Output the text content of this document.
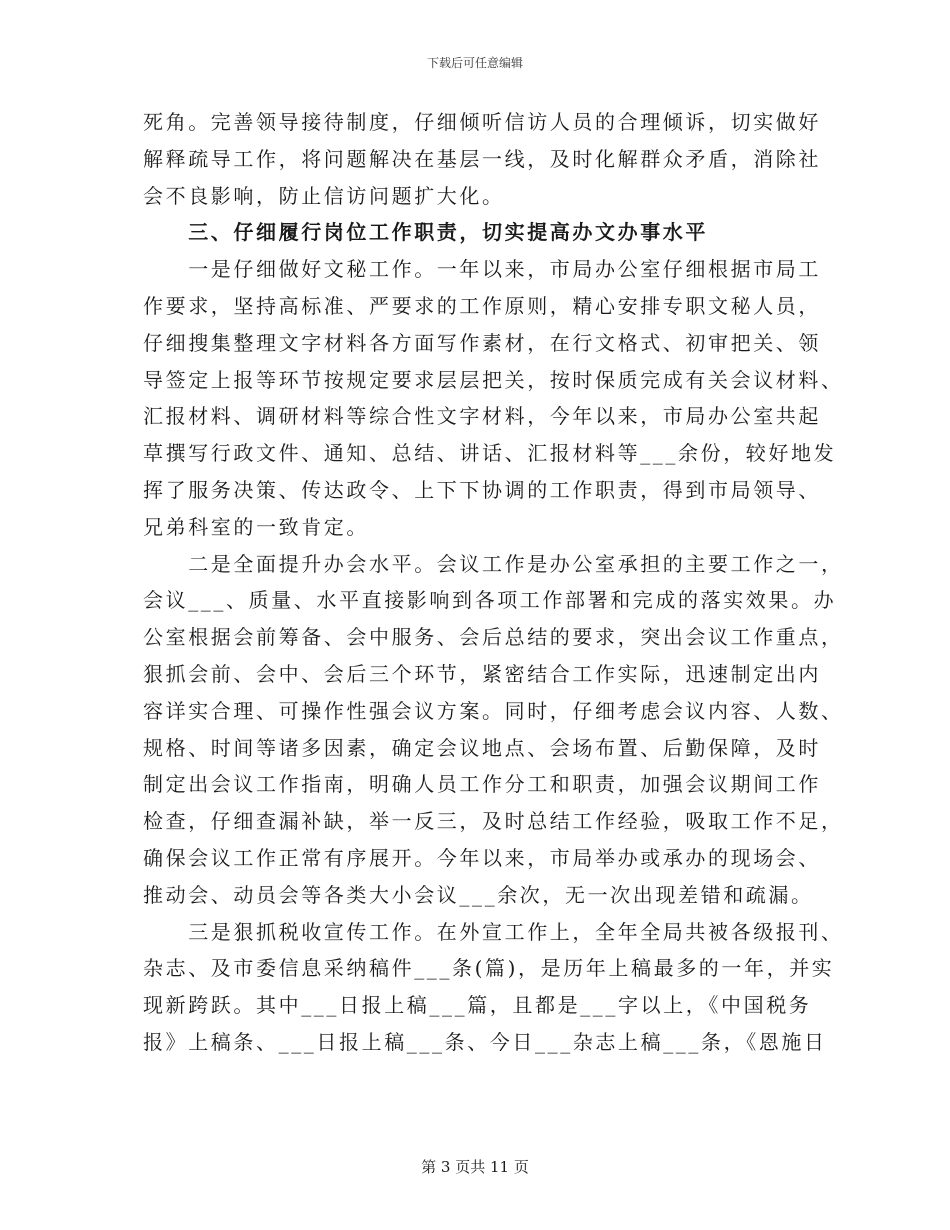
下载后可任意编辑
死角。完善领导接待制度，仔细倾听信访人员的合理倾诉，切实做好
解释疏导工作，将问题解决在基层一线，及时化解群众矛盾，消除社
会不良影响，防止信访问题扩大化。
　　三、仔细履行岗位工作职责，切实提高办文办事水平
　　一是仔细做好文秘工作。一年以来，市局办公室仔细根据市局工
作要求，坚持高标准、严要求的工作原则，精心安排专职文秘人员，
仔细搜集整理文字材料各方面写作素材，在行文格式、初审把关、领
导签定上报等环节按规定要求层层把关，按时保质完成有关会议材料、
汇报材料、调研材料等综合性文字材料，今年以来，市局办公室共起
草撰写行政文件、通知、总结、讲话、汇报材料等___余份，较好地发
挥了服务决策、传达政令、上下下协调的工作职责，得到市局领导、
兄弟科室的一致肯定。
　　二是全面提升办会水平。会议工作是办公室承担的主要工作之一，
会议___、质量、水平直接影响到各项工作部署和完成的落实效果。办
公室根据会前筹备、会中服务、会后总结的要求，突出会议工作重点，
狠抓会前、会中、会后三个环节，紧密结合工作实际，迅速制定出内
容详实合理、可操作性强会议方案。同时，仔细考虑会议内容、人数、
规格、时间等诸多因素，确定会议地点、会场布置、后勤保障，及时
制定出会议工作指南，明确人员工作分工和职责，加强会议期间工作
检查，仔细查漏补缺，举一反三，及时总结工作经验，吸取工作不足，
确保会议工作正常有序展开。今年以来，市局举办或承办的现场会、
推动会、动员会等各类大小会议___余次，无一次出现差错和疏漏。
　　三是狠抓税收宣传工作。在外宣工作上，全年全局共被各级报刊、
杂志、及市委信息采纳稿件___条(篇)，是历年上稿最多的一年，并实
现新跨跃。其中___日报上稿___篇，且都是___字以上，《中国税务
报》上稿条、___日报上稿___条、今日___杂志上稿___条，《恩施日
第 3 页共 11 页
